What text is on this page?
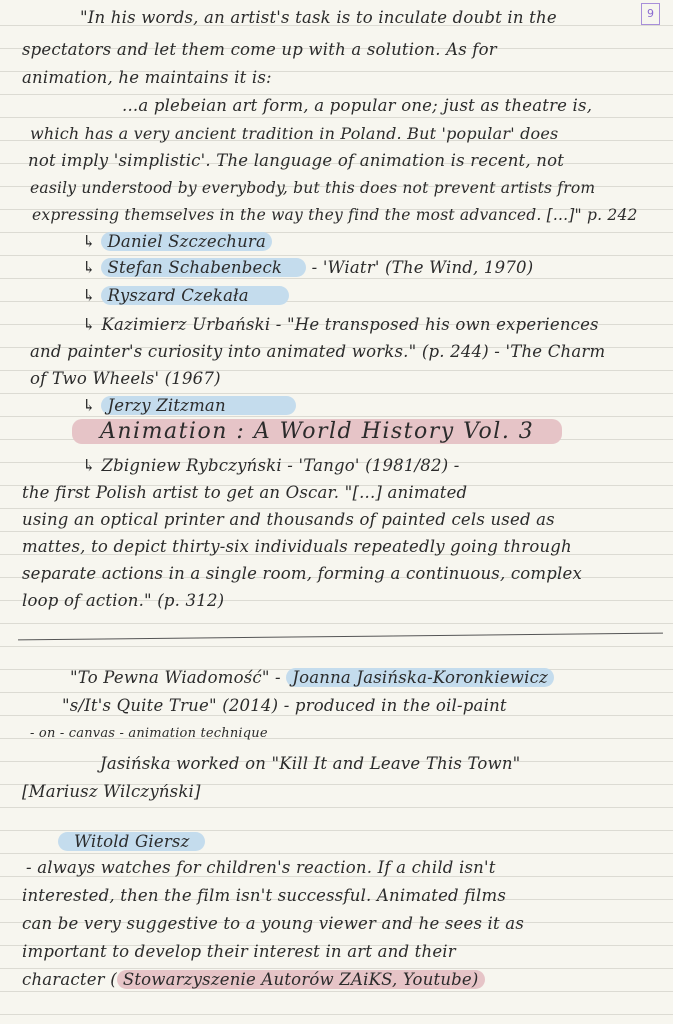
9
"In his words, an artist's task is to inculate doubt in the
spectators and let them come up with a solution. As for
animation, he maintains it is:
...a plebeian art form, a popular one; just as theatre is,
which has a very ancient tradition in Poland. But 'popular' does
not imply 'simplistic'. The language of animation is recent, not
easily understood by everybody, but this does not prevent artists from
expressing themselves in the way they find the most advanced. [...]" p. 242
↳ Daniel Szczechura
↳ Stefan Schabenbeck - 'Wiatr' (The Wind, 1970)
↳ Ryszard Czekała
↳ Kazimierz Urbański - "He transposed his own experiences
and painter's curiosity into animated works." (p. 244) - 'The Charm
of Two Wheels' (1967)
↳ Jerzy Zitzman
Animation : A World History Vol. 3
↳ Zbigniew Rybczyński - 'Tango' (1981/82) -
the first Polish artist to get an Oscar. "[...] animated
using an optical printer and thousands of painted cels used as
mattes, to depict thirty-six individuals repeatedly going through
separate actions in a single room, forming a continuous, complex
loop of action." (p. 312)
"To Pewna Wiadomość" - Joanna Jasińska-Koronkiewicz
"s/It's Quite True" (2014) - produced in the oil-paint
- on - canvas - animation technique
Jasińska worked on "Kill It and Leave This Town"
[Mariusz Wilczyński]
Witold Giersz
- always watches for children's reaction. If a child isn't
interested, then the film isn't successful. Animated films
can be very suggestive to a young viewer and he sees it as
important to develop their interest in art and their
character ( Stowarzyszenie Autorów ZAiKS, Youtube)
